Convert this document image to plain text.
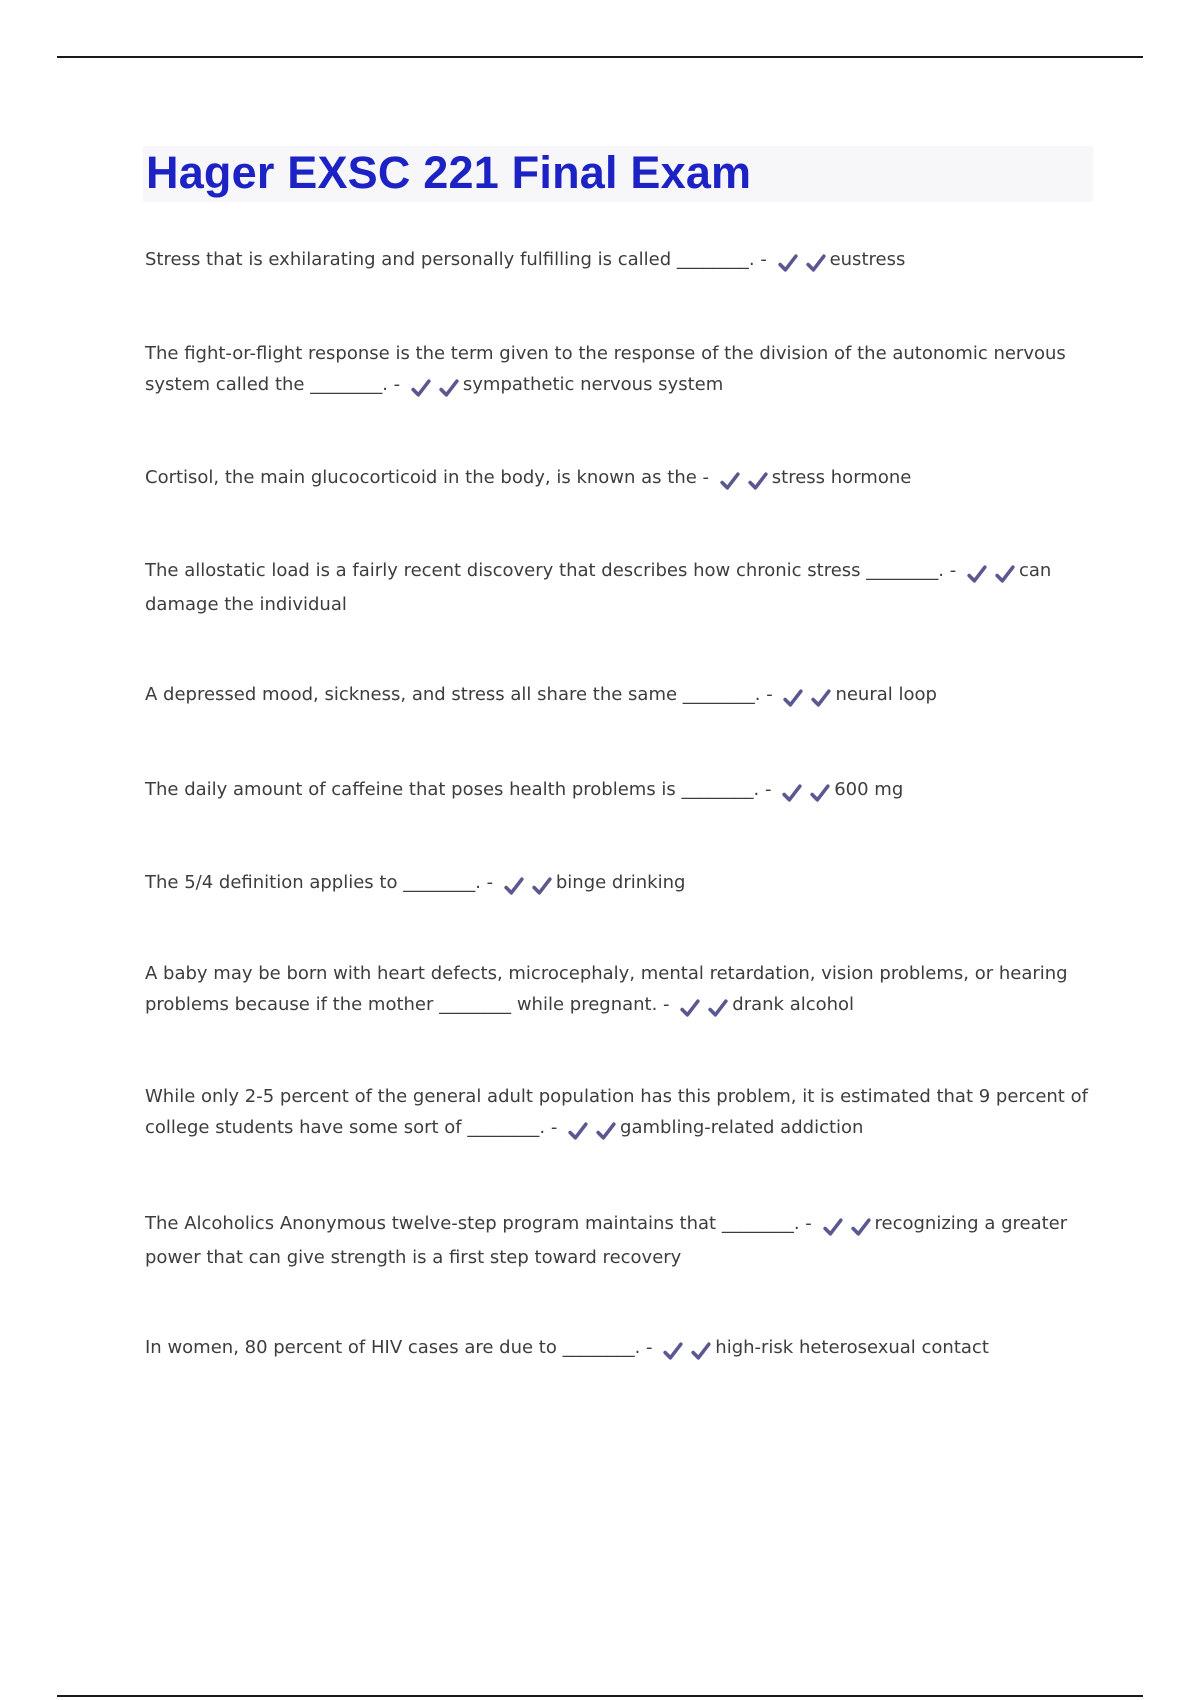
Hager EXSC 221 Final Exam
Stress that is exhilarating and personally fulfilling is called ________. -	eustress
The fight-or-flight response is the term given to the response of the division of the autonomic nervous system called the ________. -	sympathetic nervous system
Cortisol, the main glucocorticoid in the body, is known as the -	stress hormone
The allostatic load is a fairly recent discovery that describes how chronic stress ________. -	can damage the individual
A depressed mood, sickness, and stress all share the same ________. -	neural loop
The daily amount of caffeine that poses health problems is ________. -	600 mg
The 5/4 definition applies to ________. -	binge drinking
A baby may be born with heart defects, microcephaly, mental retardation, vision problems, or hearing problems because if the mother ________ while pregnant. -	drank alcohol
While only 2-5 percent of the general adult population has this problem, it is estimated that 9 percent of college students have some sort of ________. -	gambling-related addiction
The Alcoholics Anonymous twelve-step program maintains that ________. -	recognizing a greater power that can give strength is a first step toward recovery
In women, 80 percent of HIV cases are due to ________. -	high-risk heterosexual contact
